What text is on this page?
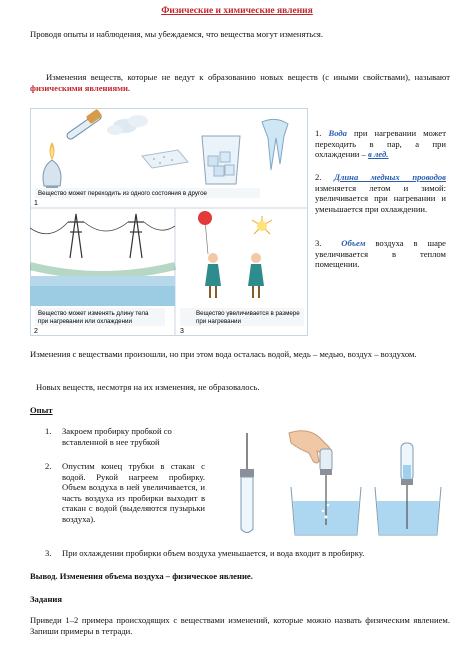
Физические и химические явления
Проводя опыты и наблюдения, мы убеждаемся, что вещества могут изменяться.
Изменения веществ, которые не ведут к образованию новых веществ (с иными свойствами), называют физическими явлениями.
Вещество может переходить из одного состояния в другое
1
Вещество может изменять длину тела
при нагревании или охлаждении
2
Вещество увеличивается в размере
при нагревании
3
1. Вода при нагревании может переходить в пар, а при охлаждении – в лед.
2. Длина медных проводов изменяется летом и зимой: увеличивается при нагревании и уменьшается при охлаждении.
3. Объем воздуха в шаре увеличивается в теплом помещении.
Изменения с веществами произошли, но при этом вода осталась водой, медь – медью, воздух – воздухом.
Новых веществ, несмотря на их изменения, не образовалось.
Опыт
1. Закроем пробирку пробкой со вставленной в нее трубкой
2. Опустим конец трубки в стакан с водой. Рукой нагреем пробирку. Объем воздуха в ней увеличивается, и часть воздуха из пробирки выходит в стакан с водой (выделяются пузырьки воздуха).
3. При охлаждении пробирки объем воздуха уменьшается, и вода входит в пробирку.
Вывод. Изменения объема воздуха – физическое явление.
Задания
Приведи 1–2 примера происходящих с веществами изменений, которые можно назвать физическим явлением. Запиши примеры в тетради.
